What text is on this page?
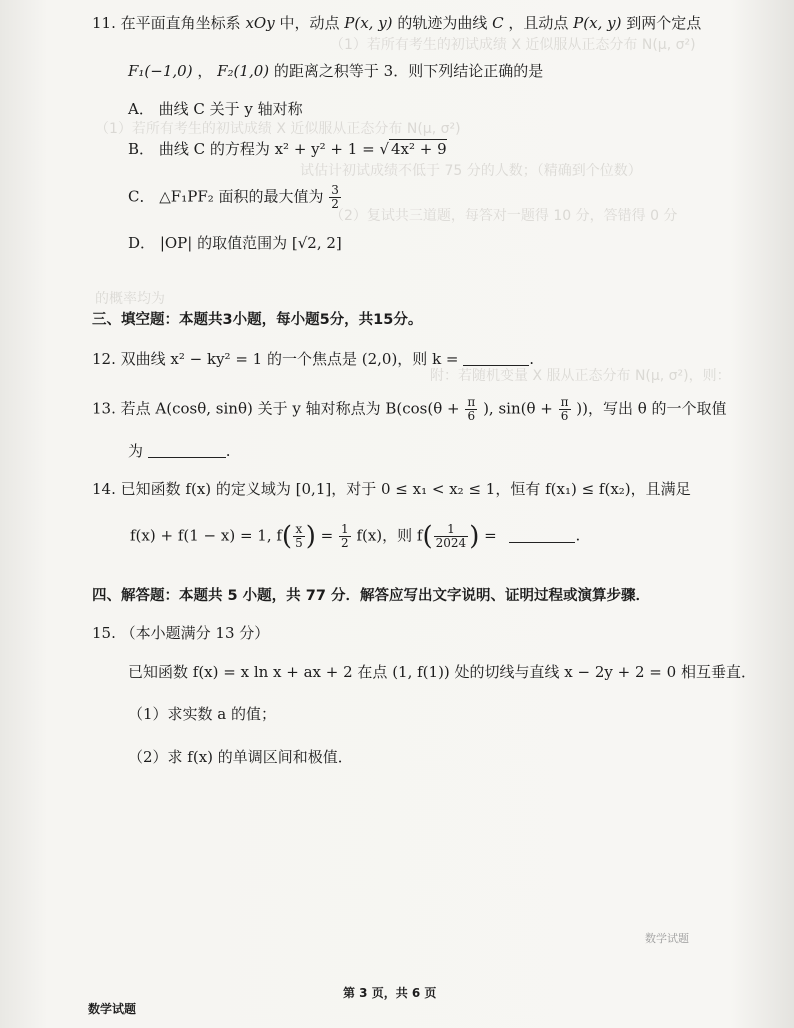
（1）若所有考生的初试成绩 X 近似服从正态分布 N(μ, σ²)
（1）若所有考生的初试成绩 X 近似服从正态分布 N(μ, σ²)
试估计初试成绩不低于 75 分的人数；（精确到个位数）
（2）复试共三道题，每答对一题得 10 分，答错得 0 分
的概率均为
附：若随机变量 X 服从正态分布 N(μ, σ²)，则：
11. 在平面直角坐标系 xOy 中，动点 P(x, y) 的轨迹为曲线 C ，且动点 P(x, y) 到两个定点
F₁(−1,0) ， F₂(1,0) 的距离之积等于 3．则下列结论正确的是
A． 曲线 C 关于 y 轴对称
B． 曲线 C 的方程为 x² + y² + 1 = √ 4x² + 9
C． △F₁PF₂ 面积的最大值为 $\frac{3}{2}$
D． |OP| 的取值范围为 [√2, 2]
三、填空题：本题共3小题，每小题5分，共15分。
12. 双曲线 x² − ky² = 1 的一个焦点是 (2,0)，则 k =	.
13. 若点 A(cosθ, sinθ) 关于 y 轴对称点为 $B(\cos(\theta + \frac{\pi}{6}$ ), $\sin(\theta + \frac{\pi}{6}$ ))，写出 θ 的一个取值
为	.
14. 已知函数 f(x) 的定义域为 [0,1]，对于 0 ≤ x₁ < x₂ ≤ 1，恒有 f(x₁) ≤ f(x₂)，且满足
f(x) + f(1 − x) = 1, $f( \frac{x}{5}$ ) = $\frac{1}{2} f(x)$，则 $f( \frac{1}{2024}$ ) =	.
四、解答题：本题共 5 小题，共 77 分．解答应写出文字说明、证明过程或演算步骤．
15. （本小题满分 13 分）
已知函数 f(x) = x ln x + ax + 2 在点 (1, f(1)) 处的切线与直线 x − 2y + 2 = 0 相互垂直．
（1）求实数 a 的值；
（2）求 f(x) 的单调区间和极值．
数学试题
第 3 页，共 6 页
数学试题
